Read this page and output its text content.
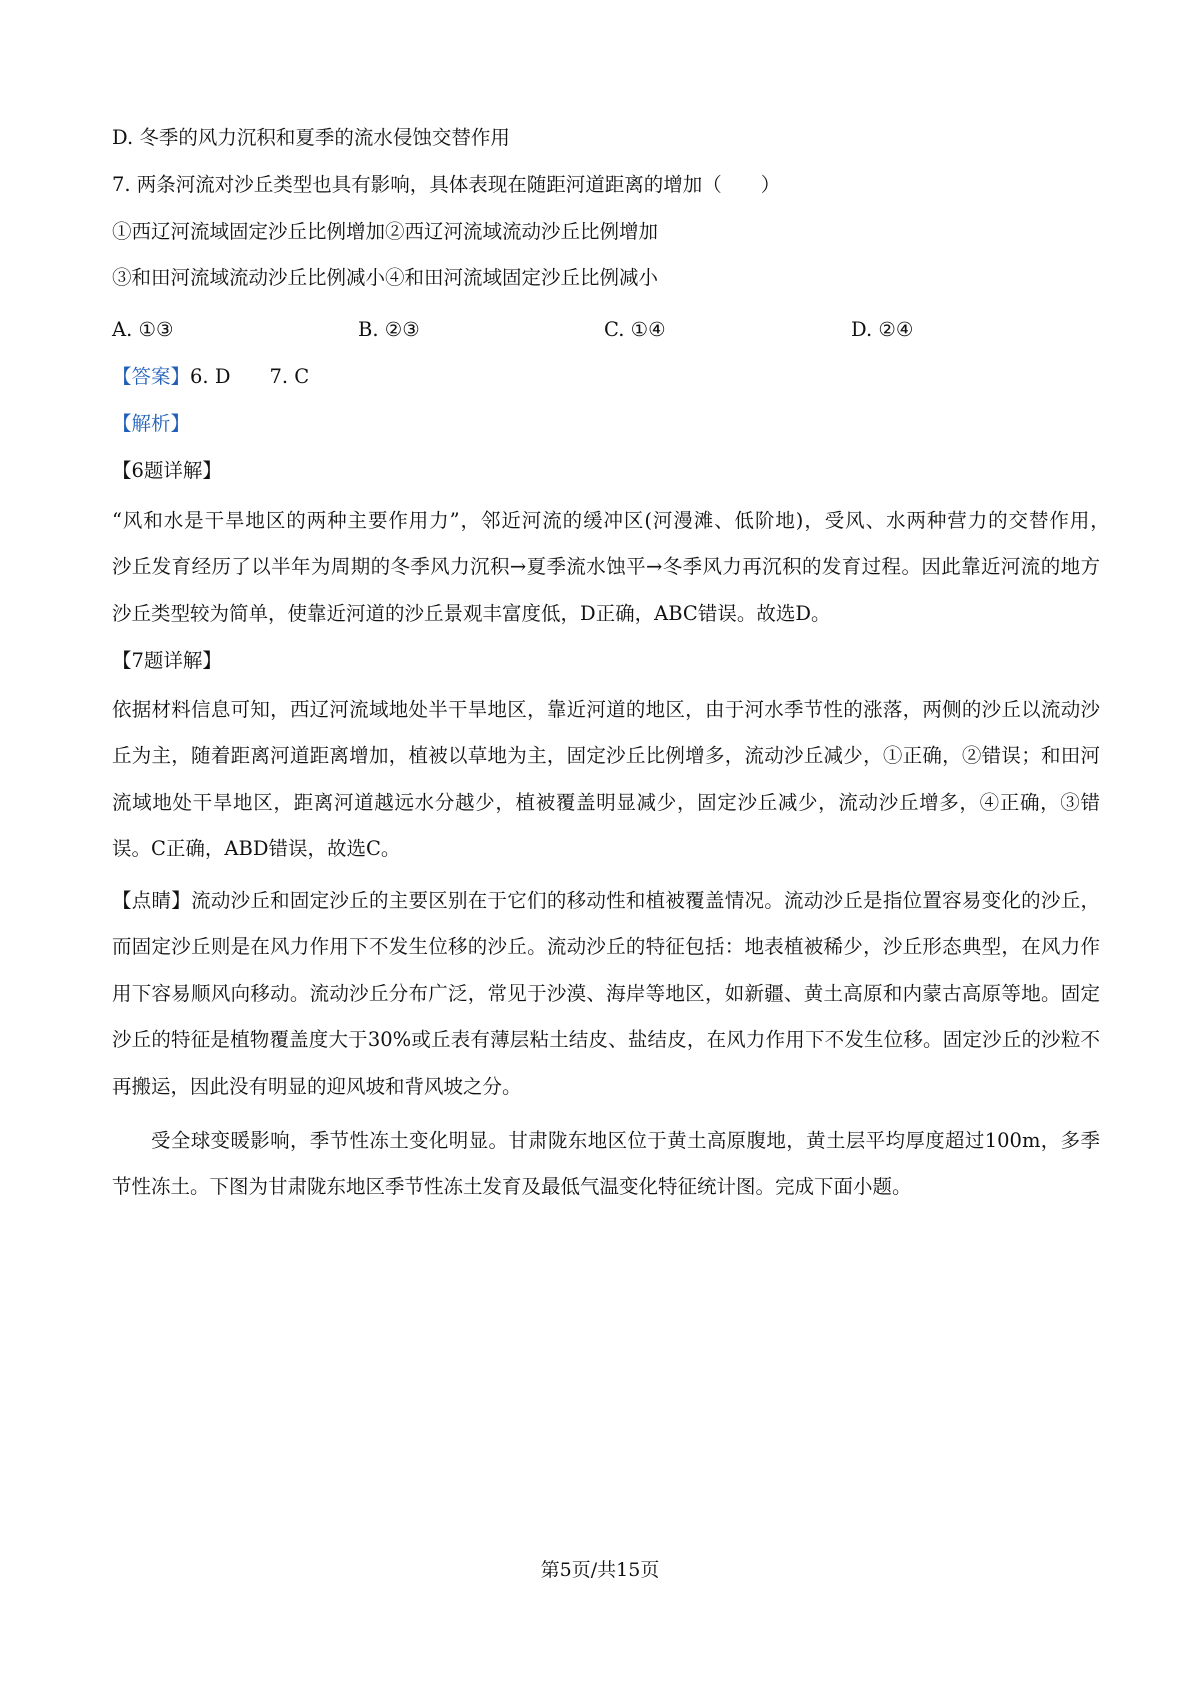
D. 冬季的风力沉积和夏季的流水侵蚀交替作用
7. 两条河流对沙丘类型也具有影响，具体表现在随距河道距离的增加（　　）
①西辽河流域固定沙丘比例增加②西辽河流域流动沙丘比例增加
③和田河流域流动沙丘比例减小④和田河流域固定沙丘比例减小
A. ①③	B. ②③	C. ①④	D. ②④
【答案】6. D　　7. C
【解析】
【6题详解】

“风和水是干旱地区的两种主要作用力”，邻近河流的缓冲区(河漫滩、低阶地)，受风、水两种营力的交替作用，　　沙丘发育经历了以半年为周期的冬季风力沉积→夏季流水蚀平→冬季风力再沉积的发育过程。因此靠近河流的地方沙丘类型较为简单，使靠近河道的沙丘景观丰富度低，D正确，ABC错误。故选D。

【7题详解】

依据材料信息可知，西辽河流域地处半干旱地区，靠近河道的地区，由于河水季节性的涨落，两侧的沙丘以流动沙丘为主，随着距离河道距离增加，植被以草地为主，固定沙丘比例增多，流动沙丘减少，①正确，②错误；和田河流域地处干旱地区，距离河道越远水分越少，植被覆盖明显减少，固定沙丘减少，流动沙丘增多，④正确，③错误。C正确，ABD错误，故选C。

【点睛】流动沙丘和固定沙丘的主要区别在于它们的移动性和植被覆盖情况。流动沙丘是指位置容易变化的沙丘，而固定沙丘则是在风力作用下不发生位移的沙丘。流动沙丘的特征包括：地表植被稀少，沙丘形态典型，在风力作用下容易顺风向移动。流动沙丘分布广泛，常见于沙漠、海岸等地区，如新疆、黄土高原和内蒙古高原等地。固定沙丘的特征是植物覆盖度大于30%或丘表有薄层粘土结皮、盐结皮，在风力作用下不发生位移。固定沙丘的沙粒不再搬运，因此没有明显的迎风坡和背风坡之分。

受全球变暖影响，季节性冻土变化明显。甘肃陇东地区位于黄土高原腹地，黄土层平均厚度超过100m，多季节性冻土。下图为甘肃陇东地区季节性冻土发育及最低气温变化特征统计图。完成下面小题。

第5页/共15页
